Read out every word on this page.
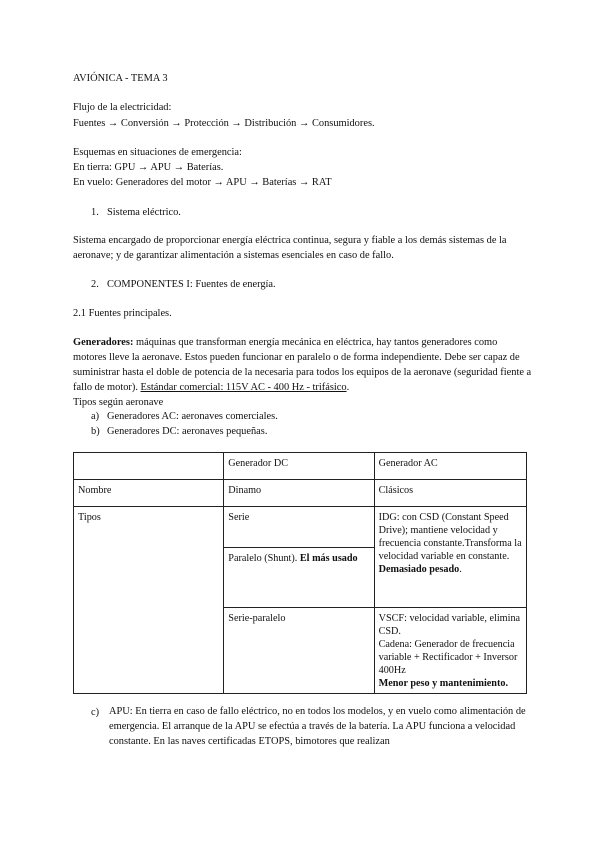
AVIÓNICA - TEMA 3
Flujo de la electricidad:
Fuentes → Conversión → Protección → Distribución → Consumidores.
Esquemas en situaciones de emergencia:
En tierra: GPU → APU → Baterías.
En vuelo: Generadores del motor → APU → Baterías → RAT
1. Sistema eléctrico.
Sistema encargado de proporcionar energía eléctrica continua, segura y fiable a los demás sistemas de la aeronave; y de garantizar alimentación a sistemas esenciales en caso de fallo.
2. COMPONENTES I: Fuentes de energía.
2.1 Fuentes principales.
Generadores: máquinas que transforman energía mecánica en eléctrica, hay tantos generadores como motores lleve la aeronave. Estos pueden funcionar en paralelo o de forma independiente. Debe ser capaz de suministrar hasta el doble de potencia de la necesaria para todos los equipos de la aeronave (seguridad fiente a fallo de motor). Estándar comercial: 115V AC - 400 Hz - trifásico.
Tipos según aeronave
a) Generadores AC: aeronaves comerciales.
b) Generadores DC: aeronaves pequeñas.
	Generador DC	Generador AC
Nombre	Dinamo	Clásicos
Tipos	Serie	IDG: con CSD (Constant Speed Drive); mantiene velocidad y frecuencia constante.Transforma la velocidad variable en constante. Demasiado pesado.
	Paralelo (Shunt). El más usado	
	Serie-paralelo	VSCF: velocidad variable, elimina CSD.
Cadena: Generador de frecuencia variable + Rectificador + Inversor 400Hz
Menor peso y mantenimiento.
c) APU: En tierra en caso de fallo eléctrico, no en todos los modelos, y en vuelo como alimentación de emergencia. El arranque de la APU se efectúa a través de la batería. La APU funciona a velocidad constante. En las naves certificadas ETOPS, bimotores que realizan
